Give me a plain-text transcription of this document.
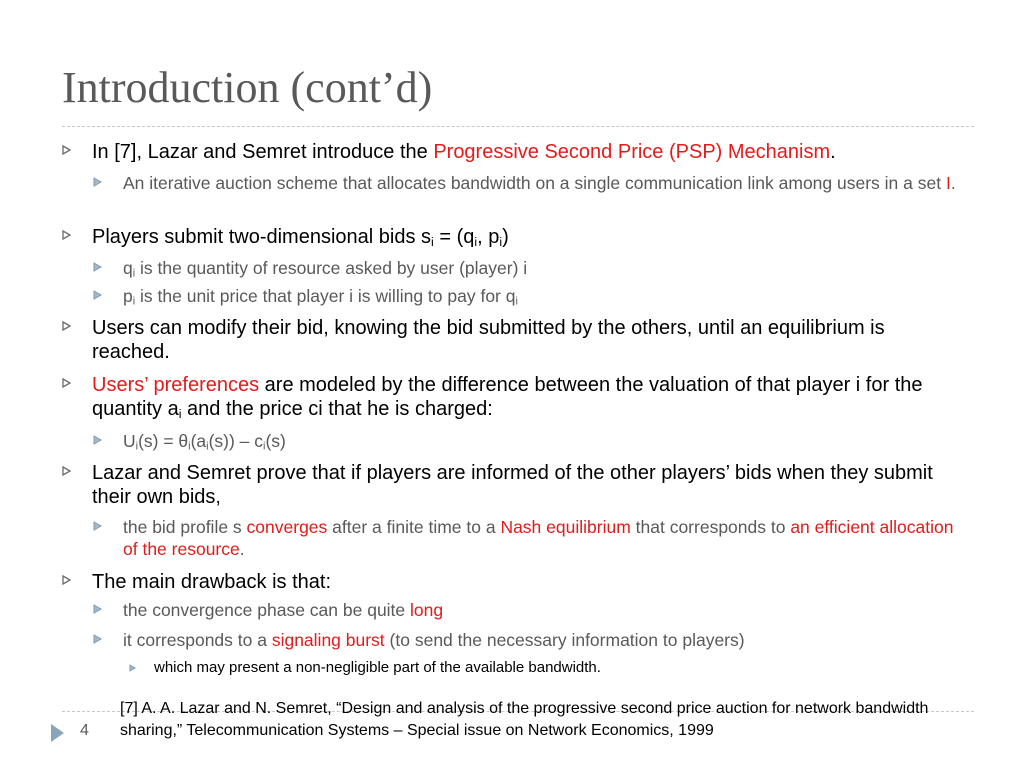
Introduction (cont’d)
In [7], Lazar and Semret introduce the Progressive Second Price (PSP) Mechanism.
An iterative auction scheme that allocates bandwidth on a single communication link among users in a set I.
Players submit two-dimensional bids $s_i = (q_i$, $p_i$)
$q_i$ is the quantity of resource asked by user (player) i
$p_i$ is the unit price that player i is willing to pay for $q_i$
Users can modify their bid, knowing the bid submitted by the others, until an equilibrium is reached.
Users’ preferences are modeled by the difference between the valuation of that player i for the quantity $a_i$ and the price ci that he is charged:
$U_i(s) = \theta_i(a_i(s)) - c_i(s)$
Lazar and Semret prove that if players are informed of the other players’ bids when they submit their own bids,
the bid profile s converges after a finite time to a Nash equilibrium that corresponds to an efficient allocation of the resource.
The main drawback is that:
the convergence phase can be quite long
it corresponds to a signaling burst (to send the necessary information to players)
which may present a non-negligible part of the available bandwidth.
4
[7] A. A. Lazar and N. Semret, “Design and analysis of the progressive second price auction for network bandwidth sharing,” Telecommunication Systems – Special issue on Network Economics, 1999
